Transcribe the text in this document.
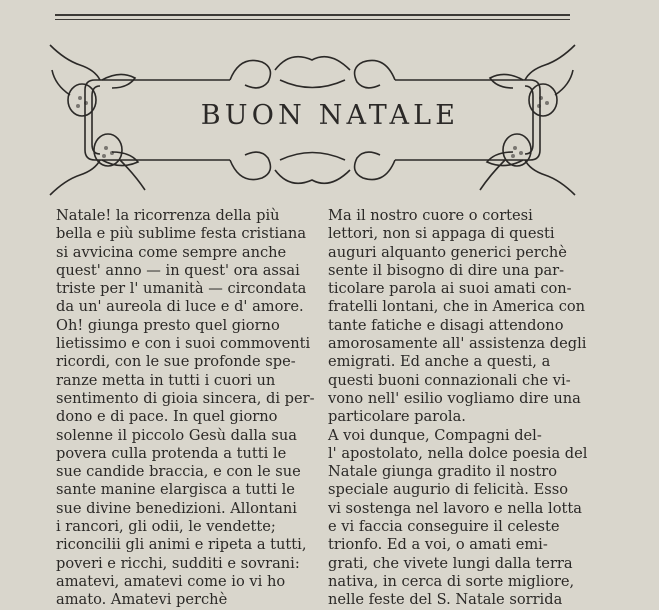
BUON NATALE
Natale! la ricorrenza della più
bella e più sublime festa cristiana
si avvicina come sempre anche
quest' anno — in quest' ora assai
triste per l' umanità — circondata
da un' aureola di luce e d' amore.
Oh! giunga presto quel giorno
lietissimo e con i suoi commoventi
ricordi, con le sue profonde spe-
ranze metta in tutti i cuori un
sentimento di gioia sincera, di per-
dono e di pace. In quel giorno
solenne il piccolo Gesù dalla sua
povera culla protenda a tutti le
sue candide braccia, e con le sue
sante manine elargisca a tutti le
sue divine benedizioni. Allontani
i rancori, gli odii, le vendette;
riconcilii gli animi e ripeta a tutti,
poveri e ricchi, sudditi e sovrani:
amatevi, amatevi come io vi ho
amato. Amatevi perchè
Ma il nostro cuore o cortesi
lettori, non si appaga di questi
auguri alquanto generici perchè
sente il bisogno di dire una par-
ticolare parola ai suoi amati con-
fratelli lontani, che in America con
tante fatiche e disagi attendono
amorosamente all' assistenza degli
emigrati. Ed anche a questi, a
questi buoni connazionali che vi-
vono nell' esilio vogliamo dire una
particolare parola.
A voi dunque, Compagni del-
l' apostolato, nella dolce poesia del
Natale giunga gradito il nostro
speciale augurio di felicità. Esso
vi sostenga nel lavoro e nella lotta
e vi faccia conseguire il celeste
trionfo. Ed a voi, o amati emi-
grati, che vivete lungi dalla terra
nativa, in cerca di sorte migliore,
nelle feste del S. Natale sorrida
